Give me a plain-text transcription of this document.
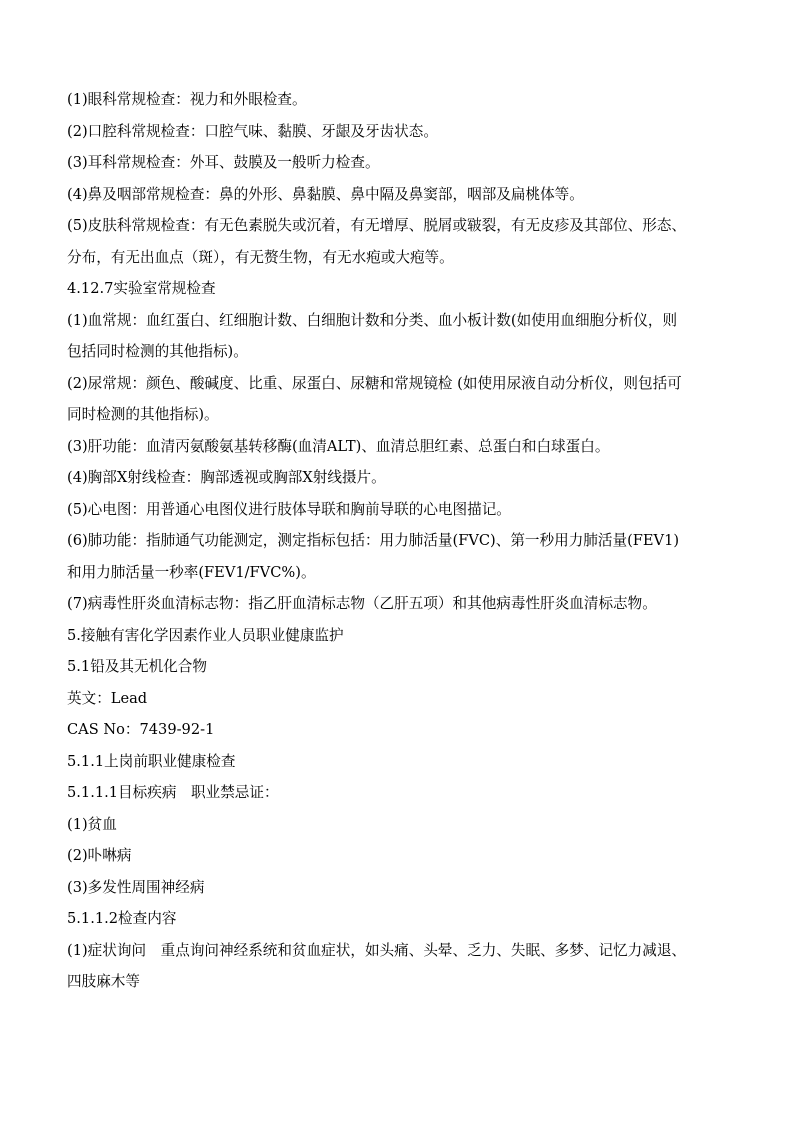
(1)眼科常规检查：视力和外眼检查。
(2)口腔科常规检查：口腔气味、黏膜、牙龈及牙齿状态。
(3)耳科常规检查：外耳、鼓膜及一般听力检查。
(4)鼻及咽部常规检查：鼻的外形、鼻黏膜、鼻中隔及鼻窦部，咽部及扁桃体等。
(5)皮肤科常规检查：有无色素脱失或沉着，有无增厚、脱屑或皲裂，有无皮疹及其部位、形态、
分布，有无出血点（斑），有无赘生物，有无水疱或大疱等。
4.12.7实验室常规检查
(1)血常规：血红蛋白、红细胞计数、白细胞计数和分类、血小板计数(如使用血细胞分析仪，则
包括同时检测的其他指标)。
(2)尿常规：颜色、酸碱度、比重、尿蛋白、尿糖和常规镜检 (如使用尿液自动分析仪，则包括可
同时检测的其他指标)。
(3)肝功能：血清丙氨酸氨基转移酶(血清ALT)、血清总胆红素、总蛋白和白球蛋白。
(4)胸部X射线检查：胸部透视或胸部X射线摄片。
(5)心电图：用普通心电图仪进行肢体导联和胸前导联的心电图描记。
(6)肺功能：指肺通气功能测定，测定指标包括：用力肺活量(FVC)、第一秒用力肺活量(FEV1)
和用力肺活量一秒率(FEV1/FVC%)。
(7)病毒性肝炎血清标志物：指乙肝血清标志物（乙肝五项）和其他病毒性肝炎血清标志物。
5.接触有害化学因素作业人员职业健康监护
5.1铅及其无机化合物
英文：Lead
CAS No：7439-92-1
5.1.1上岗前职业健康检查
5.1.1.1目标疾病　职业禁忌证：
(1)贫血
(2)卟啉病
(3)多发性周围神经病
5.1.1.2检查内容
(1)症状询问　重点询问神经系统和贫血症状，如头痛、头晕、乏力、失眠、多梦、记忆力减退、
四肢麻木等
